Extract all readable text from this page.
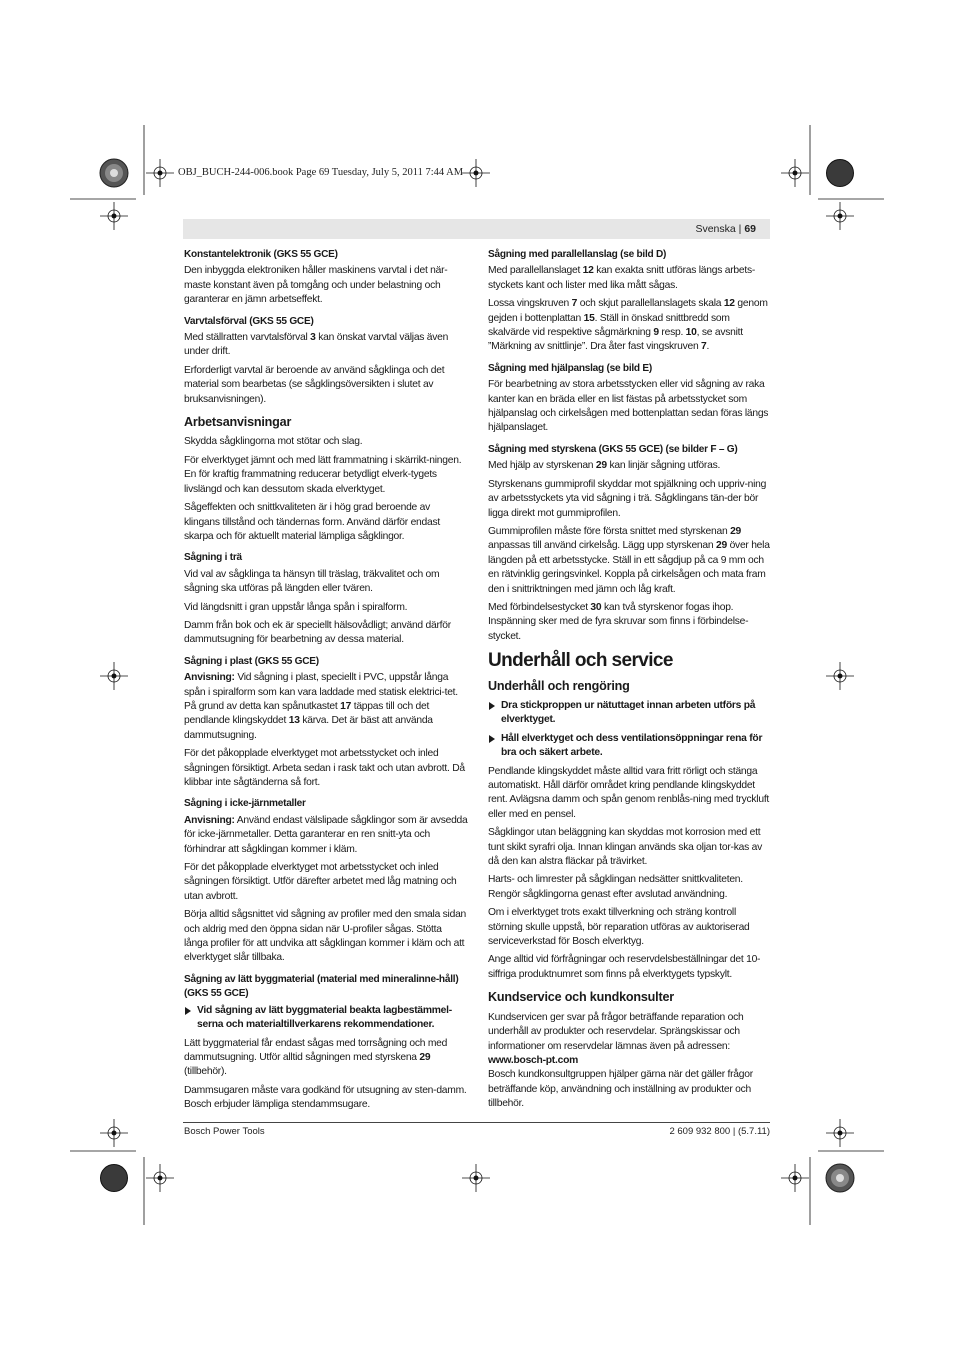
OBJ_BUCH-244-006.book Page 69 Tuesday, July 5, 2011 7:44 AM
Svenska | 69
Konstantelektronik (GKS 55 GCE)
Den inbyggda elektroniken håller maskinens varvtal i det när-maste konstant även på tomgång och under belastning och garanterar en jämn arbetseffekt.
Varvtalsförval (GKS 55 GCE)
Med ställratten varvtalsförval 3 kan önskat varvtal väljas även under drift.
Erforderligt varvtal är beroende av använd sågklinga och det material som bearbetas (se sågklingsöversikten i slutet av bruksanvisningen).
Arbetsanvisningar
Skydda sågklingorna mot stötar och slag.
För elverktyget jämnt och med lätt frammatning i skärrikt-ningen. En för kraftig frammatning reducerar betydligt elverk-tygets livslängd och kan dessutom skada elverktyget.
Sågeffekten och snittkvaliteten är i hög grad beroende av klingans tillstånd och tändernas form. Använd därför endast skarpa och för aktuellt material lämpliga sågklingor.
Sågning i trä
Vid val av sågklinga ta hänsyn till träslag, träkvalitet och om sågning ska utföras på längden eller tvären.
Vid längdsnitt i gran uppstår långa spån i spiralform.
Damm från bok och ek är speciellt hälsovådligt; använd därför dammutsugning för bearbetning av dessa material.
Sågning i plast (GKS 55 GCE)
Anvisning: Vid sågning i plast, speciellt i PVC, uppstår långa spån i spiralform som kan vara laddade med statisk elektrici-tet. På grund av detta kan spånutkastet 17 täppas till och det pendlande klingskyddet 13 kärva. Det är bäst att använda dammutsugning.
För det påkopplade elverktyget mot arbetsstycket och inled sågningen försiktigt. Arbeta sedan i rask takt och utan avbrott. Då klibbar inte sågtänderna så fort.
Sågning i icke-järnmetaller
Anvisning: Använd endast välslipade sågklingor som är avsedda för icke-järnmetaller. Detta garanterar en ren snitt-yta och förhindrar att sågklingan kommer i kläm.
För det påkopplade elverktyget mot arbetsstycket och inled sågningen försiktigt. Utför därefter arbetet med låg matning och utan avbrott.
Börja alltid sågsnittet vid sågning av profiler med den smala sidan och aldrig med den öppna sidan när U-profiler sågas. Stötta långa profiler för att undvika att sågklingan kommer i kläm och att elverktyget slår tillbaka.
Sågning av lätt byggmaterial (material med mineralinne-håll) (GKS 55 GCE)
Vid sågning av lätt byggmaterial beakta lagbestämmel-serna och materialtillverkarens rekommendationer.
Lätt byggmaterial får endast sågas med torrsågning och med dammutsugning. Utför alltid sågningen med styrskena 29 (tillbehör).
Dammsugaren måste vara godkänd för utsugning av sten-damm. Bosch erbjuder lämpliga stendammsugare.
Sågning med parallellanslag (se bild D)
Med parallellanslaget 12 kan exakta snitt utföras längs arbets-styckets kant och lister med lika mått sågas.
Lossa vingskruven 7 och skjut parallellanslagets skala 12 genom gejden i bottenplattan 15. Ställ in önskad snittbredd som skalvärde vid respektive sågmärkning 9 resp. 10, se avsnitt ”Märkning av snittlinje”. Dra åter fast vingskruven 7.
Sågning med hjälpanslag (se bild E)
För bearbetning av stora arbetsstycken eller vid sågning av raka kanter kan en bräda eller en list fästas på arbetsstycket som hjälpanslag och cirkelsågen med bottenplattan sedan föras längs hjälpanslaget.
Sågning med styrskena (GKS 55 GCE) (se bilder F – G)
Med hjälp av styrskenan 29 kan linjär sågning utföras.
Styrskenans gummiprofil skyddar mot spjälkning och uppriv-ning av arbetsstyckets yta vid sågning i trä. Sågklingans tän-der bör ligga direkt mot gummiprofilen.
Gummiprofilen måste före första snittet med styrskenan 29 anpassas till använd cirkelsåg. Lägg upp styrskenan 29 över hela längden på ett arbetsstycke. Ställ in ett sågdjup på ca 9 mm och en rätvinklig geringsvinkel. Koppla på cirkelsågen och mata fram den i snittriktningen med jämn och låg kraft.
Med förbindelsestycket 30 kan två styrskenor fogas ihop. Inspänning sker med de fyra skruvar som finns i förbindelse-stycket.
Underhåll och service
Underhåll och rengöring
Dra stickproppen ur nätuttaget innan arbeten utförs på elverktyget.
Håll elverktyget och dess ventilationsöppningar rena för bra och säkert arbete.
Pendlande klingskyddet måste alltid vara fritt rörligt och stänga automatiskt. Håll därför området kring pendlande klingskyddet rent. Avlägsna damm och spån genom renblås-ning med tryckluft eller med en pensel.
Sågklingor utan beläggning kan skyddas mot korrosion med ett tunt skikt syrafri olja. Innan klingan används ska oljan tor-kas av då den kan alstra fläckar på trävirket.
Harts- och limrester på sågklingan nedsätter snittkvaliteten. Rengör sågklingorna genast efter avslutad användning.
Om i elverktyget trots exakt tillverkning och sträng kontroll störning skulle uppstå, bör reparation utföras av auktoriserad serviceverkstad för Bosch elverktyg.
Ange alltid vid förfrågningar och reservdelsbeställningar det 10-siffriga produktnumret som finns på elverktygets typskylt.
Kundservice och kundkonsulter
Kundservicen ger svar på frågor beträffande reparation och underhåll av produkter och reservdelar. Sprängskissar och informationer om reservdelar lämnas även på adressen:
www.bosch-pt.com
Bosch kundkonsultgruppen hjälper gärna när det gäller frågor beträffande köp, användning och inställning av produkter och tillbehör.
Bosch Power Tools	2 609 932 800 | (5.7.11)
